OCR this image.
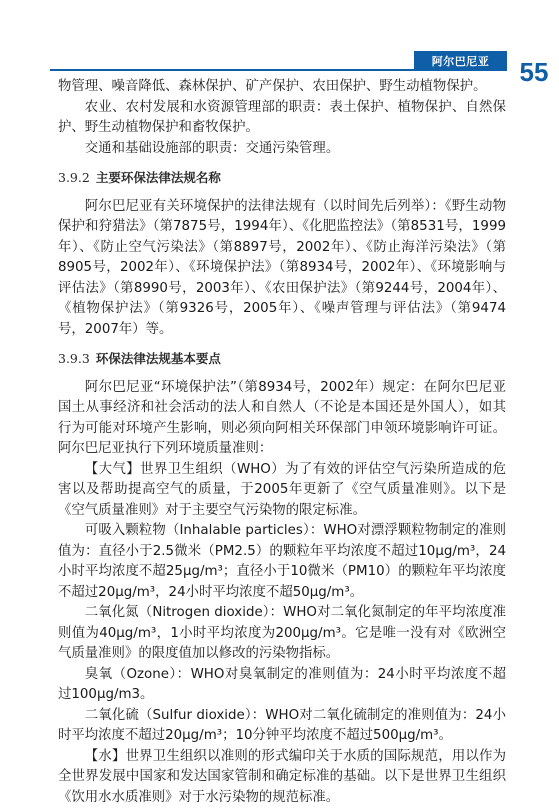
阿尔巴尼亚	55

物管理、噪音降低、森林保护、矿产保护、农田保护、野生动植物保护。

农业、农村发展和水资源管理部的职责：表土保护、植物保护、自然保护、野生动植物保护和畜牧保护。

交通和基础设施部的职责：交通污染管理。

3.9.2 主要环保法律法规名称

阿尔巴尼亚有关环境保护的法律法规有（以时间先后列举）：《野生动物保护和狩猎法》（第7875号，1994年）、《化肥监控法》（第8531号，1999年）、《防止空气污染法》（第8897号，2002年）、《防止海洋污染法》（第8905号，2002年）、《环境保护法》（第8934号，2002年）、《环境影响与评估法》（第8990号，2003年）、《农田保护法》（第9244号，2004年）、《植物保护法》（第9326号，2005年）、《噪声管理与评估法》（第9474号，2007年）等。

3.9.3 环保法律法规基本要点

阿尔巴尼亚“环境保护法”（第8934号，2002年）规定：在阿尔巴尼亚国土从事经济和社会活动的法人和自然人（不论是本国还是外国人），如其行为可能对环境产生影响，则必须向阿相关环保部门申领环境影响许可证。阿尔巴尼亚执行下列环境质量准则：

【大气】世界卫生组织（WHO）为了有效的评估空气污染所造成的危害以及帮助提高空气的质量，于2005年更新了《空气质量准则》。以下是《空气质量准则》对于主要空气污染物的限定标准。

可吸入颗粒物（Inhalable particles）：WHO对漂浮颗粒物制定的准则值为：直径小于2.5微米（PM2.5）的颗粒年平均浓度不超过10μg/m³，24小时平均浓度不超25μg/m³；直径小于10微米（PM10）的颗粒年平均浓度不超过20μg/m³，24小时平均浓度不超50μg/m³。

二氧化氮（Nitrogen dioxide）：WHO对二氧化氮制定的年平均浓度准则值为40μg/m³，1小时平均浓度为200μg/m³。它是唯一没有对《欧洲空气质量准则》的限度值加以修改的污染物指标。

臭氧（Ozone）：WHO对臭氧制定的准则值为：24小时平均浓度不超过100μg/m3。

二氧化硫（Sulfur dioxide）：WHO对二氧化硫制定的准则值为：24小时平均浓度不超过20μg/m³；10分钟平均浓度不超过500μg/m³。

【水】世界卫生组织以准则的形式编印关于水质的国际规范，用以作为全世界发展中国家和发达国家管制和确定标准的基础。以下是世界卫生组织《饮用水水质准则》对于水污染物的规范标准。
